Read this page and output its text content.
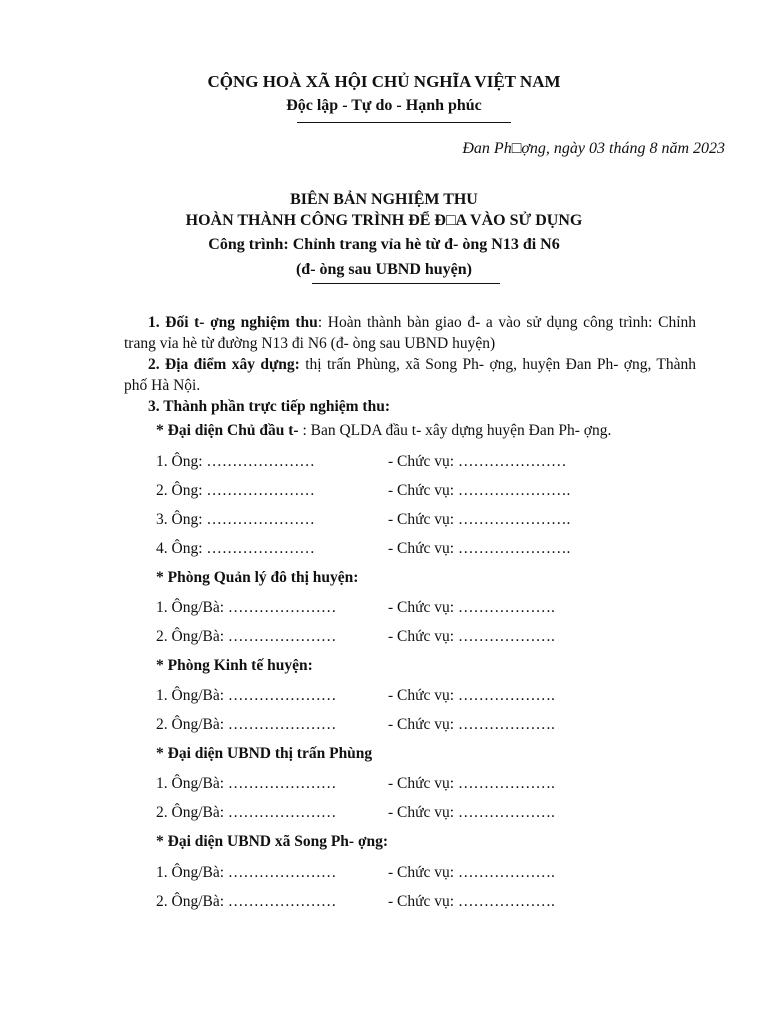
CỘNG HOÀ XÃ HỘI CHỦ NGHĨA VIỆT NAM
Độc lập - Tự do - Hạnh phúc
Đan Ph□ợng, ngày 03 tháng 8 năm 2023
BIÊN BẢN NGHIỆM THU
HOÀN THÀNH CÔNG TRÌNH ĐỂ Đ□A VÀO SỬ DỤNG
Công trình: Chỉnh trang vỉa hè từ đ- òng N13 đi N6
(đ- òng sau UBND huyện)
1. Đối t- ợng nghiệm thu: Hoàn thành bàn giao đ- a vào sử dụng công trình: Chỉnh trang vỉa hè từ đường N13 đi N6 (đ- òng sau UBND huyện)
2. Địa điểm xây dựng: thị trấn Phùng, xã Song Ph- ợng, huyện Đan Ph- ợng, Thành phố Hà Nội.
3. Thành phần trực tiếp nghiệm thu:
* Đại diện Chủ đầu t- : Ban QLDA đầu t- xây dựng huyện Đan Ph- ợng.
1. Ông: …………………	- Chức vụ: …………………
2. Ông: …………………	- Chức vụ: ………………….
3. Ông: …………………	- Chức vụ: ………………….
4. Ông: …………………	- Chức vụ: ………………….
* Phòng Quản lý đô thị huyện:
1. Ông/Bà: …………………	- Chức vụ: ……………….
2. Ông/Bà: …………………	- Chức vụ: ……………….
* Phòng Kinh tế huyện:
1. Ông/Bà: …………………	- Chức vụ: ……………….
2. Ông/Bà: …………………	- Chức vụ: ……………….
* Đại diện UBND thị trấn Phùng
1. Ông/Bà: …………………	- Chức vụ: ……………….
2. Ông/Bà: …………………	- Chức vụ: ……………….
* Đại diện UBND xã Song Ph- ợng:
1. Ông/Bà: …………………	- Chức vụ: ……………….
2. Ông/Bà: …………………	- Chức vụ: ……………….
